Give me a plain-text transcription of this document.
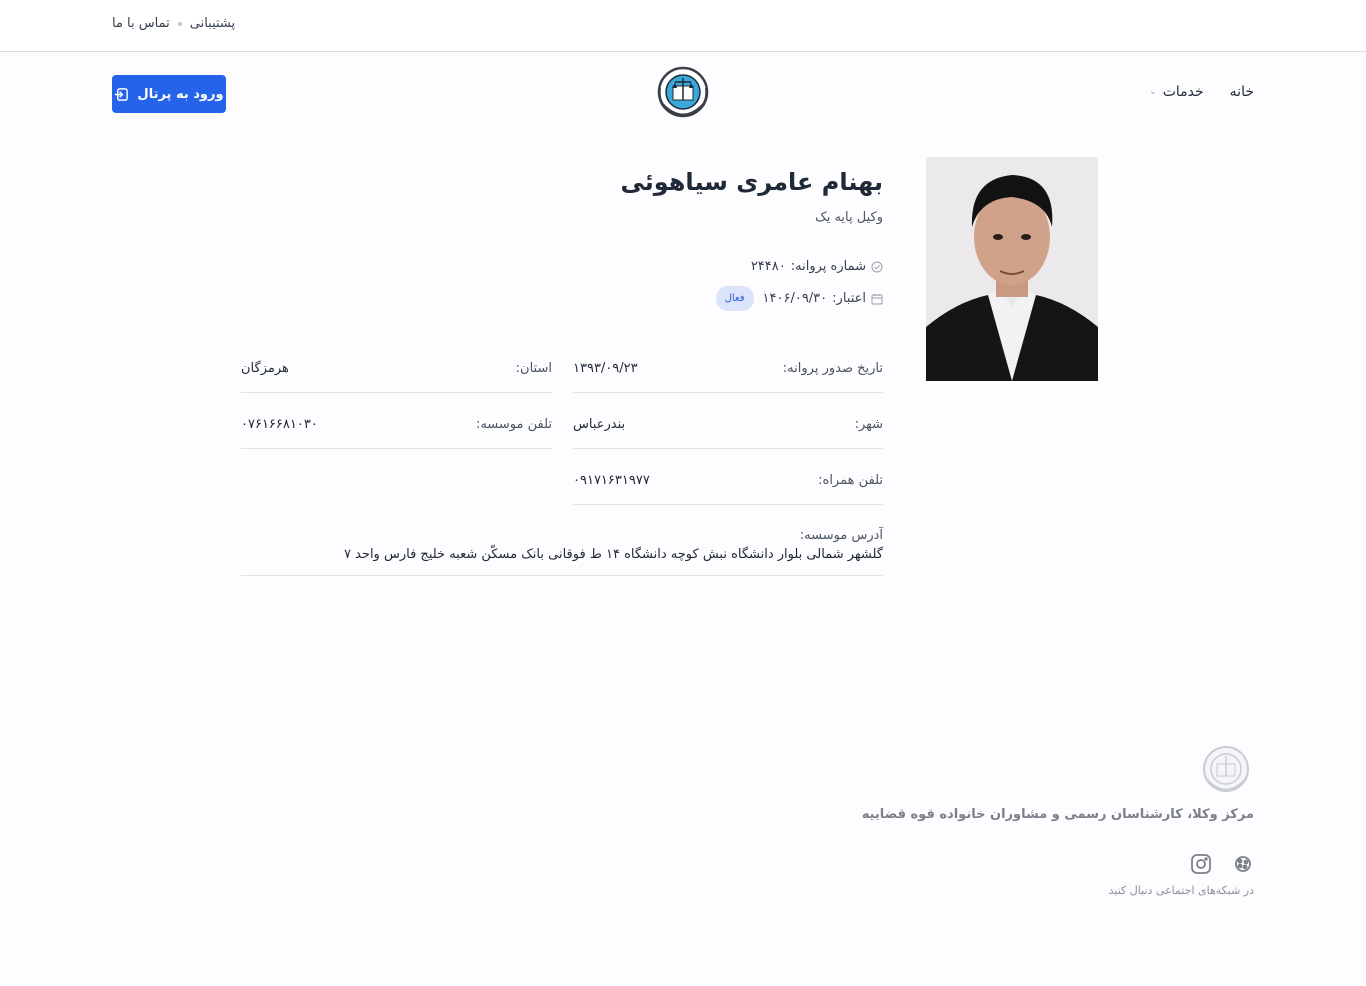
پشتیبانی
تماس با ما
خانه
خدمات
⌄
ورود به پرتال
بهنام عامری سیاهوئی
وکیل پایه یک
شماره پروانه:
۲۴۴۸۰
اعتبار:
۱۴۰۶/۰۹/۳۰
فعال
تاریخ صدور پروانه:
۱۳۹۳/۰۹/۲۳
استان:
هرمزگان
شهر:
بندرعباس
تلفن موسسه:
۰۷۶۱۶۶۸۱۰۳۰
تلفن همراه:
۰۹۱۷۱۶۳۱۹۷۷
آدرس موسسه:
گلشهر شمالی بلوار دانشگاه نبش کوچه دانشگاه ۱۴ ط فوقانی بانک مسکّن شعبه خلیج فارس واحد ۷
مرکز وکلا، کارشناسان رسمی و مشاوران خانواده قوه قضاییه
در شبکه‌های اجتماعی دنبال کنید
